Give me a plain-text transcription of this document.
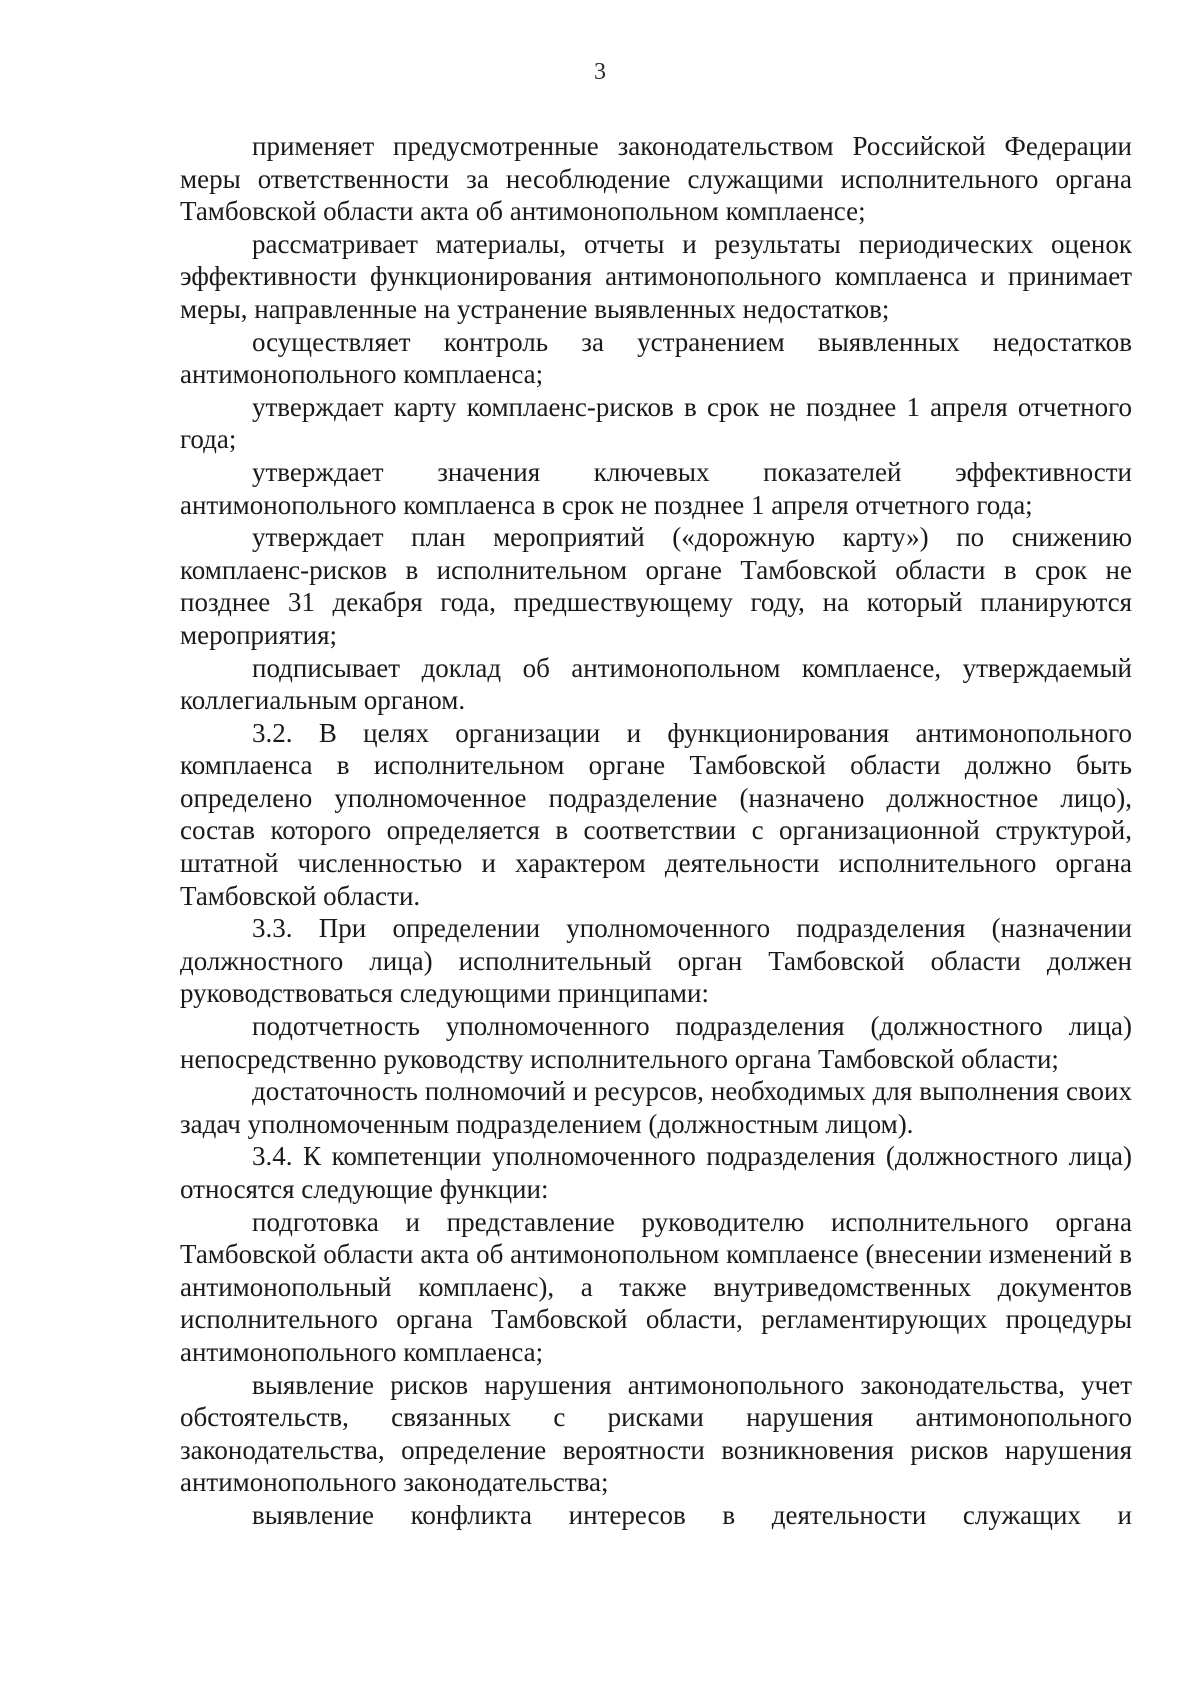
3

применяет предусмотренные законодательством Российской Федерации меры ответственности за несоблюдение служащими исполнительного органа Тамбовской области акта об антимонопольном комплаенсе;

рассматривает материалы, отчеты и результаты периодических оценок эффективности функционирования антимонопольного комплаенса и принимает меры, направленные на устранение выявленных недостатков;

осуществляет контроль за устранением выявленных недостатков антимонопольного комплаенса;

утверждает карту комплаенс-рисков в срок не позднее 1 апреля отчетного года;

утверждает значения ключевых показателей эффективности антимонопольного комплаенса в срок не позднее 1 апреля отчетного года;

утверждает план мероприятий («дорожную карту») по снижению комплаенс-рисков в исполнительном органе Тамбовской области в срок не позднее 31 декабря года, предшествующему году, на который планируются мероприятия;

подписывает доклад об антимонопольном комплаенсе, утверждаемый коллегиальным органом.

3.2. В целях организации и функционирования антимонопольного комплаенса в исполнительном органе Тамбовской области должно быть определено уполномоченное подразделение (назначено должностное лицо), состав которого определяется в соответствии с организационной структурой, штатной численностью и характером деятельности исполнительного органа Тамбовской области.

3.3. При определении уполномоченного подразделения (назначении должностного лица) исполнительный орган Тамбовской области должен руководствоваться следующими принципами:

подотчетность уполномоченного подразделения (должностного лица) непосредственно руководству исполнительного органа Тамбовской области;

достаточность полномочий и ресурсов, необходимых для выполнения своих задач уполномоченным подразделением (должностным лицом).

3.4. К компетенции уполномоченного подразделения (должностного лица) относятся следующие функции:

подготовка и представление руководителю исполнительного органа Тамбовской области акта об антимонопольном комплаенсе (внесении изменений в антимонопольный комплаенс), а также внутриведомственных документов исполнительного органа Тамбовской области, регламентирующих процедуры антимонопольного комплаенса;

выявление рисков нарушения антимонопольного законодательства, учет обстоятельств, связанных с рисками нарушения антимонопольного законодательства, определение вероятности возникновения рисков нарушения антимонопольного законодательства;

выявление конфликта интересов в деятельности служащих и
